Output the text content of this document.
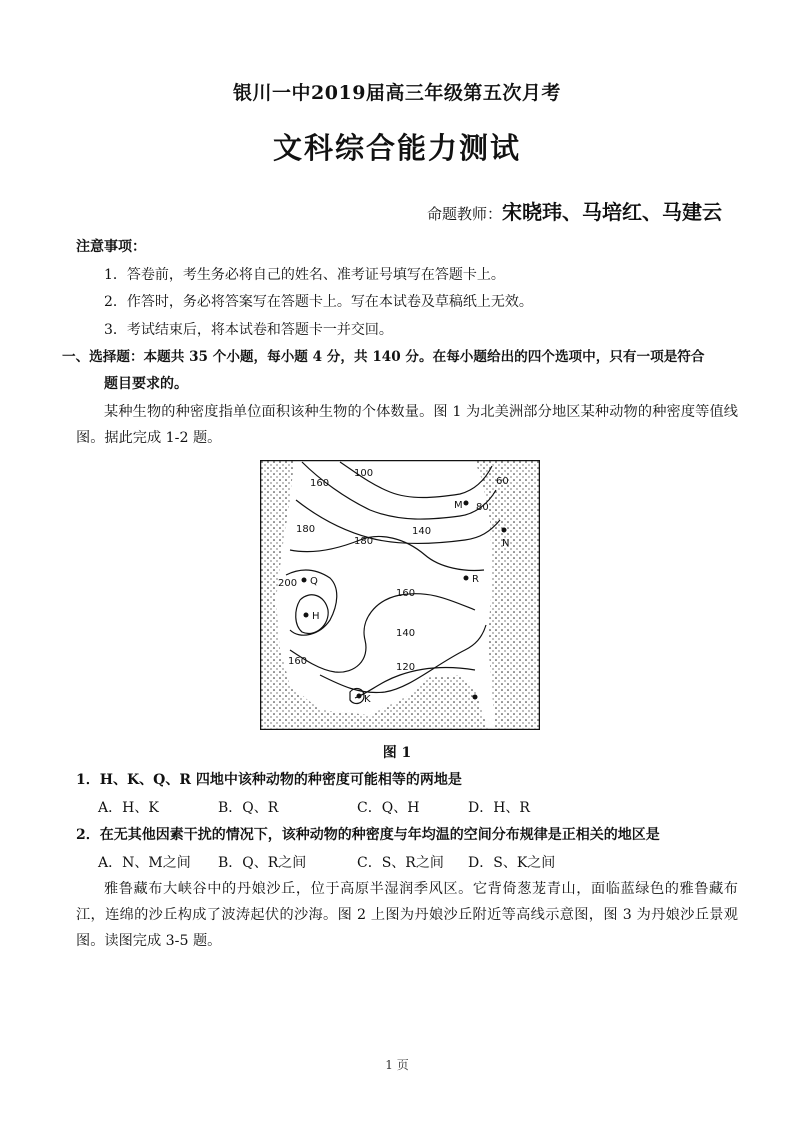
银川一中2019届高三年级第五次月考
文科综合能力测试
命题教师：宋晓玮、马培红、马建云
注意事项：
1．答卷前，考生务必将自己的姓名、准考证号填写在答题卡上。
2．作答时，务必将答案写在答题卡上。写在本试卷及草稿纸上无效。
3．考试结束后，将本试卷和答题卡一并交回。
一、选择题：本题共 35 个小题，每小题 4 分，共 140 分。在每小题给出的四个选项中，只有一项是符合
题目要求的。
某种生物的种密度指单位面积该种生物的个体数量。图 1 为北美洲部分地区某种动物的种密度等值线图。据此完成 1-2 题。
100
160	60
80
180	140
180
200
160
140
120
160
M
N
Q	R
H
K
图 1
1．H、K、Q、R 四地中该种动物的种密度可能相等的两地是
A．H、K	B．Q、R	C．Q、H	D．H、R
2．在无其他因素干扰的情况下，该种动物的种密度与年均温的空间分布规律是正相关的地区是
A．N、M之间 B．Q、R之间	C．S、R之间 D．S、K之间
雅鲁藏布大峡谷中的丹娘沙丘，位于高原半湿润季风区。它背倚葱茏青山，面临蓝绿色的雅鲁藏布江，连绵的沙丘构成了波涛起伏的沙海。图 2 上图为丹娘沙丘附近等高线示意图，图 3 为丹娘沙丘景观图。读图完成 3-5 题。
1 页
